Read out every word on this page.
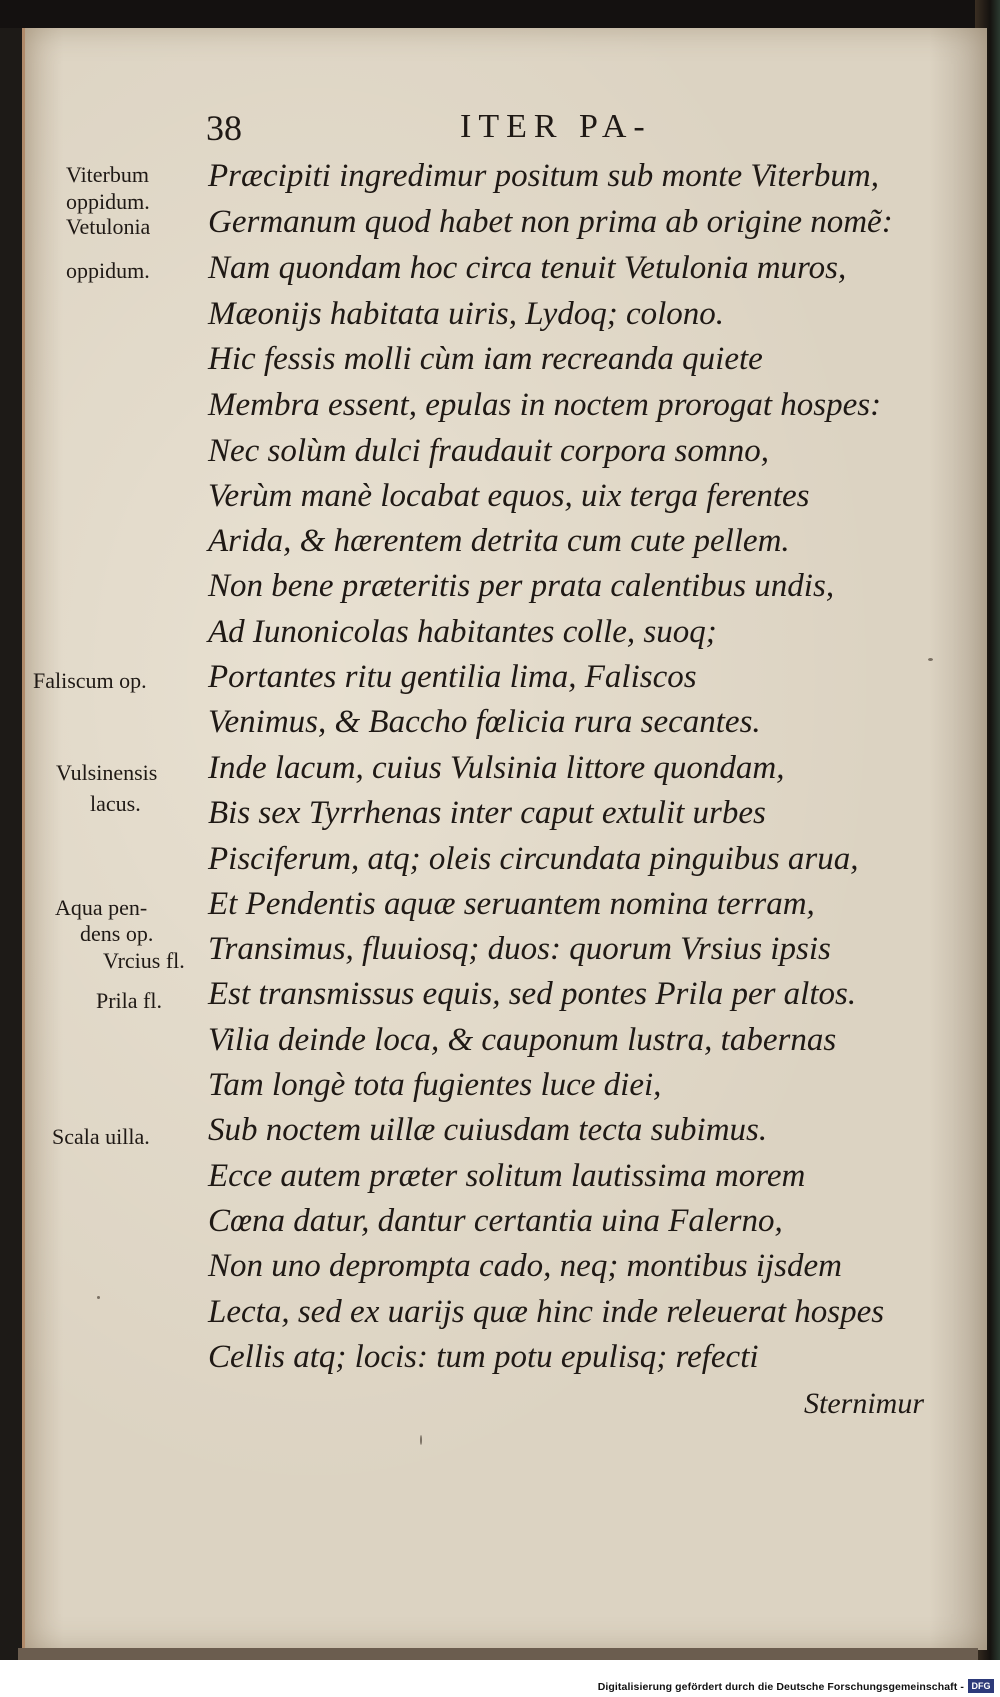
38	ITER PA-
Præcipiti ingredimur positum sub monte Viterbum,
Germanum quod habet non prima ab origine nomẽ:
Nam quondam hoc circa tenuit Vetulonia muros,
Mæonijs habitata uiris, Lydoq; colono.
Hic fessis molli cùm iam recreanda quiete
Membra essent, epulas in noctem prorogat hospes:
Nec solùm dulci fraudauit corpora somno,
Verùm manè locabat equos, uix terga ferentes
Arida, & hærentem detrita cum cute pellem.
Non bene præteritis per prata calentibus undis,
Ad Iunonicolas habitantes colle, suoq;
Portantes ritu gentilia lima, Faliscos
Venimus, & Baccho fœlicia rura secantes.
Inde lacum, cuius Vulsinia littore quondam,
Bis sex Tyrrhenas inter caput extulit urbes
Pisciferum, atq; oleis circundata pinguibus arua,
Et Pendentis aquæ seruantem nomina terram,
Transimus, fluuiosq; duos: quorum Vrsius ipsis
Est transmissus equis, sed pontes Prila per altos.
Vilia deinde loca, & cauponum lustra, tabernas
Tam longè tota fugientes luce diei,
Sub noctem uillæ cuiusdam tecta subimus.
Ecce autem præter solitum lautissima morem
Cœna datur, dantur certantia uina Falerno,
Non uno deprompta cado, neq; montibus ijsdem
Lecta, sed ex uarijs quæ hinc inde releuerat hospes
Cellis atq; locis: tum potu epulisq; refecti
Sternimur
Viterbum
oppidum.
Vetulonia
oppidum.
Faliscum op.
Vulsinensis
lacus.
Aqua pen-
dens op.
Vrcius fl.
Prila fl.
Scala uilla.
Digitalisierung gefördert durch die Deutsche Forschungsgemeinschaft - DFG
